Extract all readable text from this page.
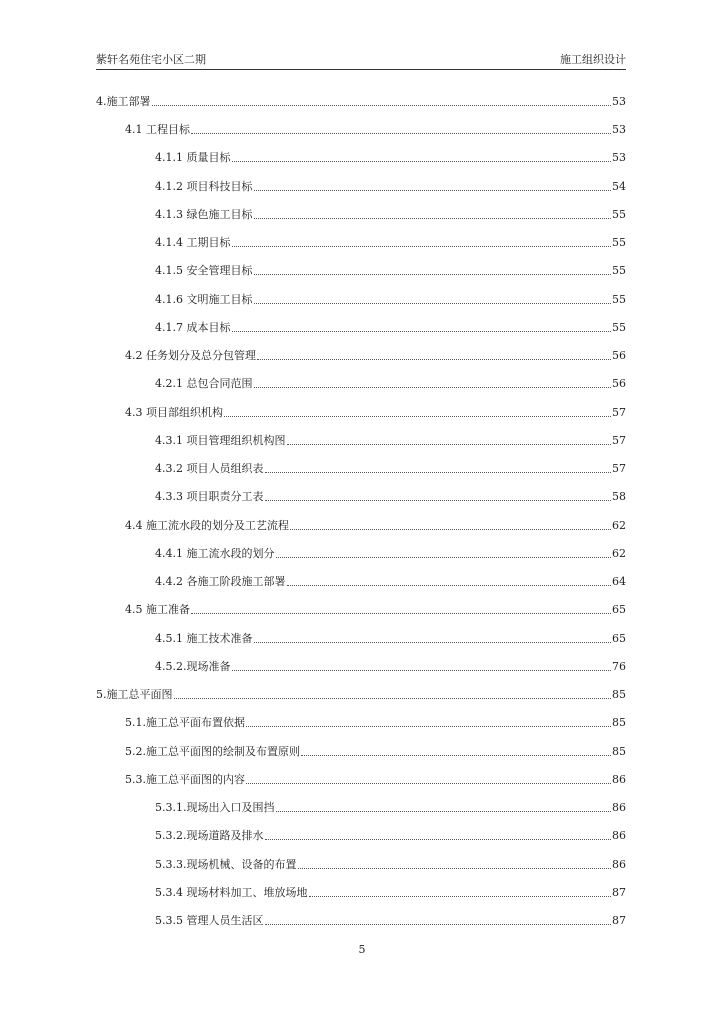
紫轩名苑住宅小区二期	施工组织设计
4.施工部署	53
4.1 工程目标	53
4.1.1 质量目标	53
4.1.2 项目科技目标	54
4.1.3 绿色施工目标	55
4.1.4 工期目标	55
4.1.5 安全管理目标	55
4.1.6 文明施工目标	55
4.1.7 成本目标	55
4.2 任务划分及总分包管理	56
4.2.1 总包合同范围	56
4.3 项目部组织机构	57
4.3.1 项目管理组织机构图	57
4.3.2 项目人员组织表	57
4.3.3 项目职责分工表	58
4.4 施工流水段的划分及工艺流程	62
4.4.1 施工流水段的划分	62
4.4.2 各施工阶段施工部署	64
4.5 施工准备	65
4.5.1 施工技术准备	65
4.5.2.现场准备	76
5.施工总平面图	85
5.1.施工总平面布置依据	85
5.2.施工总平面图的绘制及布置原则	85
5.3.施工总平面图的内容	86
5.3.1.现场出入口及围挡	86
5.3.2.现场道路及排水	86
5.3.3.现场机械、设备的布置	86
5.3.4 现场材料加工、堆放场地	87
5.3.5 管理人员生活区	87
5
